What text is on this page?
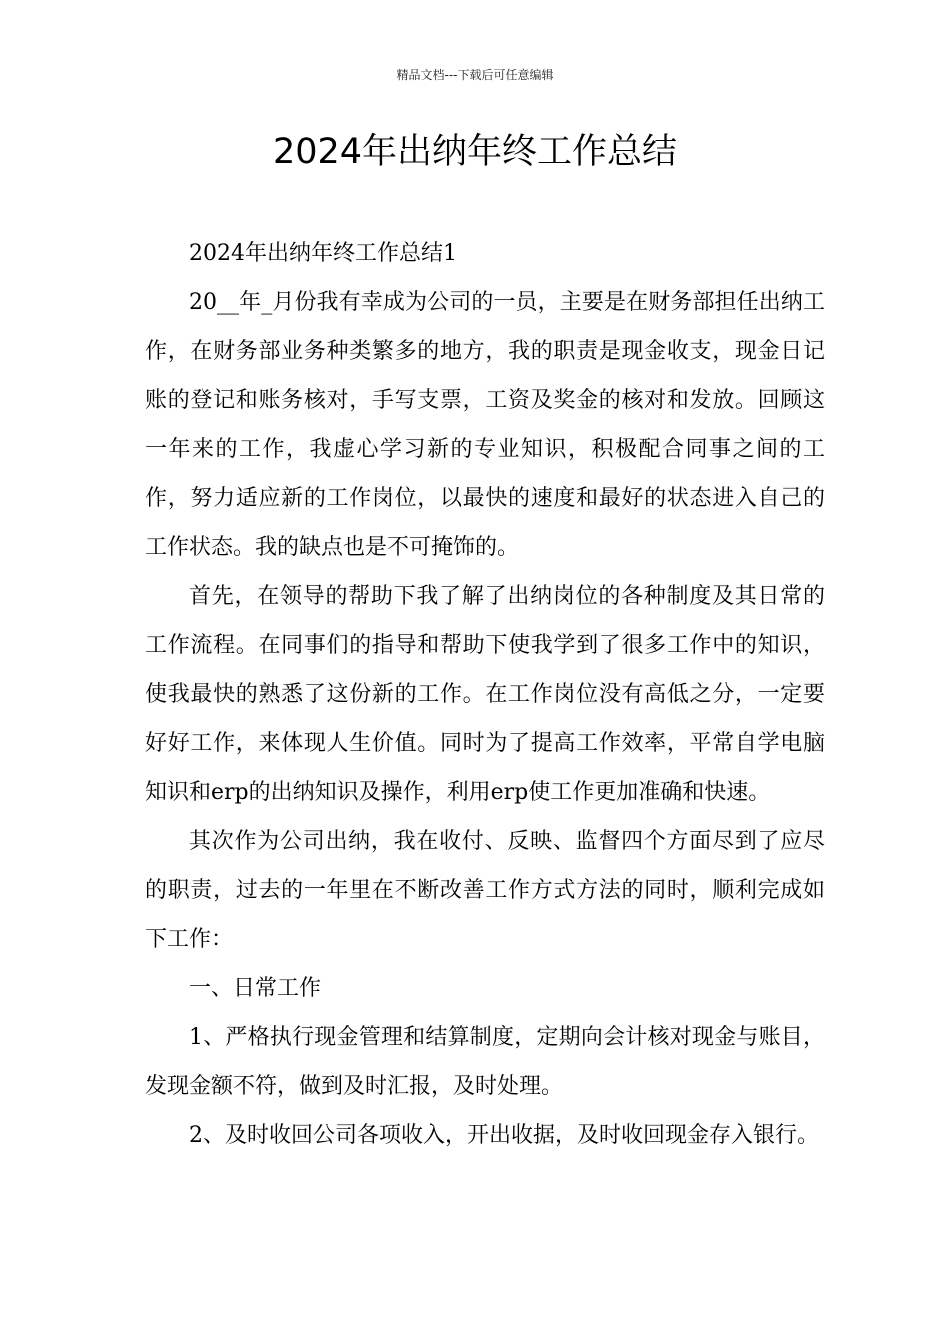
精品文档---下载后可任意编辑
2024年出纳年终工作总结

2024年出纳年终工作总结1

20__年_月份我有幸成为公司的一员，主要是在财务部担任出纳工作，在财务部业务种类繁多的地方，我的职责是现金收支，现金日记账的登记和账务核对，手写支票，工资及奖金的核对和发放。回顾这一年来的工作，我虚心学习新的专业知识，积极配合同事之间的工作，努力适应新的工作岗位，以最快的速度和最好的状态进入自己的工作状态。我的缺点也是不可掩饰的。

首先，在领导的帮助下我了解了出纳岗位的各种制度及其日常的工作流程。在同事们的指导和帮助下使我学到了很多工作中的知识，使我最快的熟悉了这份新的工作。在工作岗位没有高低之分，一定要好好工作，来体现人生价值。同时为了提高工作效率，平常自学电脑知识和erp的出纳知识及操作，利用erp使工作更加准确和快速。

其次作为公司出纳，我在收付、反映、监督四个方面尽到了应尽的职责，过去的一年里在不断改善工作方式方法的同时，顺利完成如下工作：

一、日常工作

1、严格执行现金管理和结算制度，定期向会计核对现金与账目，发现金额不符，做到及时汇报，及时处理。

2、及时收回公司各项收入，开出收据，及时收回现金存入银行。
